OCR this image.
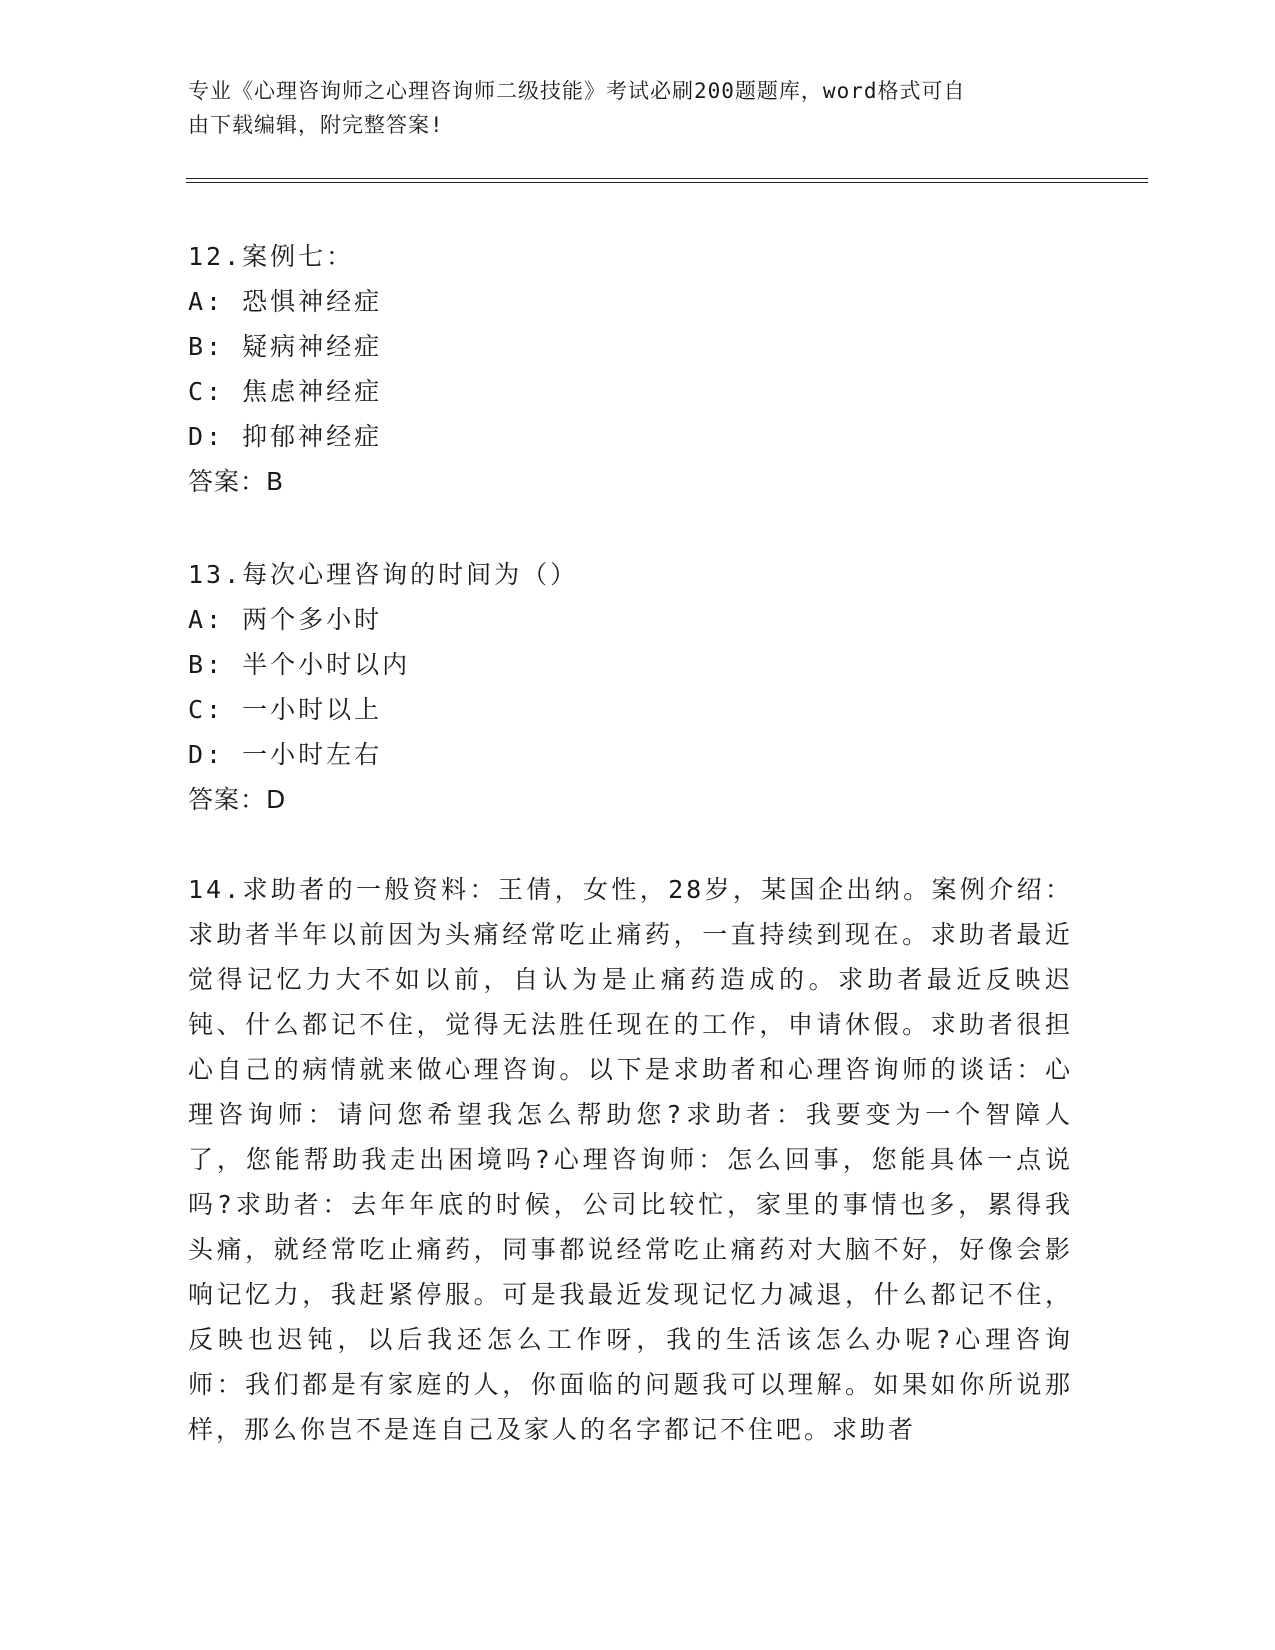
专业《心理咨询师之心理咨询师二级技能》考试必刷200题题库，word格式可自
由下载编辑，附完整答案!
12.案例七：
A: 恐惧神经症
B: 疑病神经症
C: 焦虑神经症
D: 抑郁神经症
答案：B
13.每次心理咨询的时间为（）
A: 两个多小时
B: 半个小时以内
C: 一小时以上
D: 一小时左右
答案：D
14.求助者的一般资料：王倩，女性，28岁，某国企出纳。案例介绍：求助者半年以前因为头痛经常吃止痛药，一直持续到现在。求助者最近觉得记忆力大不如以前，自认为是止痛药造成的。求助者最近反映迟钝、什么都记不住，觉得无法胜任现在的工作，申请休假。求助者很担心自己的病情就来做心理咨询。以下是求助者和心理咨询师的谈话：心理咨询师：请问您希望我怎么帮助您?求助者：我要变为一个智障人了，您能帮助我走出困境吗?心理咨询师：怎么回事，您能具体一点说吗?求助者：去年年底的时候，公司比较忙，家里的事情也多，累得我头痛，就经常吃止痛药，同事都说经常吃止痛药对大脑不好，好像会影响记忆力，我赶紧停服。可是我最近发现记忆力减退，什么都记不住，反映也迟钝，以后我还怎么工作呀，我的生活该怎么办呢?心理咨询师：我们都是有家庭的人，你面临的问题我可以理解。如果如你所说那样，那么你岂不是连自己及家人的名字都记不住吧。求助者
